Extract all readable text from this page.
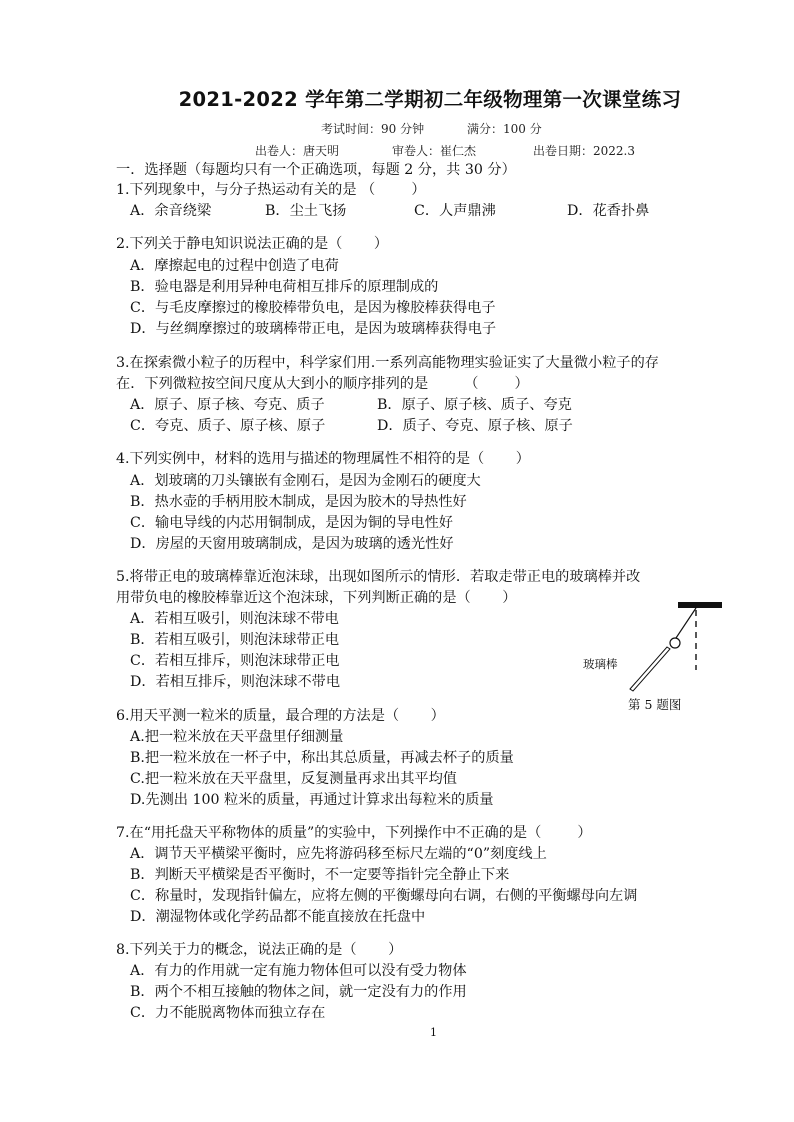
2021-2022 学年第二学期初二年级物理第一次课堂练习
考试时间：90 分钟	满分：100 分
出卷人：唐天明	审卷人：崔仁杰	出卷日期：2022.3
一．选择题（每题均只有一个正确选项，每题 2 分，共 30 分）
1.下列现象中，与分子热运动有关的是 （        ）
A．余音绕梁	B．尘土飞扬	C．人声鼎沸	D．花香扑鼻
2.下列关于静电知识说法正确的是（       ）
A．摩擦起电的过程中创造了电荷
B．验电器是利用异种电荷相互排斥的原理制成的
C．与毛皮摩擦过的橡胶棒带负电，是因为橡胶棒获得电子
D．与丝绸摩擦过的玻璃棒带正电，是因为玻璃棒获得电子
3.在探索微小粒子的历程中，科学家们用.一系列高能物理实验证实了大量微小粒子的存
在．下列微粒按空间尺度从大到小的顺序排列的是        （        ）
A．原子、原子核、夸克、质子	B．原子、原子核、质子、夸克
C．夸克、质子、原子核、原子	D．质子、夸克、原子核、原子
4.下列实例中，材料的选用与描述的物理属性不相符的是（       ）
A．划玻璃的刀头镶嵌有金刚石，是因为金刚石的硬度大
B．热水壶的手柄用胶木制成，是因为胶木的导热性好
C．输电导线的内芯用铜制成，是因为铜的导电性好
D．房屋的天窗用玻璃制成，是因为玻璃的透光性好
5.将带正电的玻璃棒靠近泡沫球，出现如图所示的情形．若取走带正电的玻璃棒并改
用带负电的橡胶棒靠近这个泡沫球，下列判断正确的是（       ）
A．若相互吸引，则泡沫球不带电
B．若相互吸引，则泡沫球带正电
C．若相互排斥，则泡沫球带正电
D．若相互排斥，则泡沫球不带电
玻璃棒
第 5 题图
6.用天平测一粒米的质量，最合理的方法是（       ）
A.把一粒米放在天平盘里仔细测量
B.把一粒米放在一杯子中，称出其总质量，再减去杯子的质量
C.把一粒米放在天平盘里，反复测量再求出其平均值
D.先测出 100 粒米的质量，再通过计算求出每粒米的质量
7.在“用托盘天平称物体的质量”的实验中，下列操作中不正确的是（        ）
A．调节天平横梁平衡时，应先将游码移至标尺左端的“0”刻度线上
B．判断天平横梁是否平衡时，不一定要等指针完全静止下来
C．称量时，发现指针偏左，应将左侧的平衡螺母向右调，右侧的平衡螺母向左调
D．潮湿物体或化学药品都不能直接放在托盘中
8.下列关于力的概念，说法正确的是（       ）
A．有力的作用就一定有施力物体但可以没有受力物体
B．两个不相互接触的物体之间，就一定没有力的作用
C．力不能脱离物体而独立存在
1
